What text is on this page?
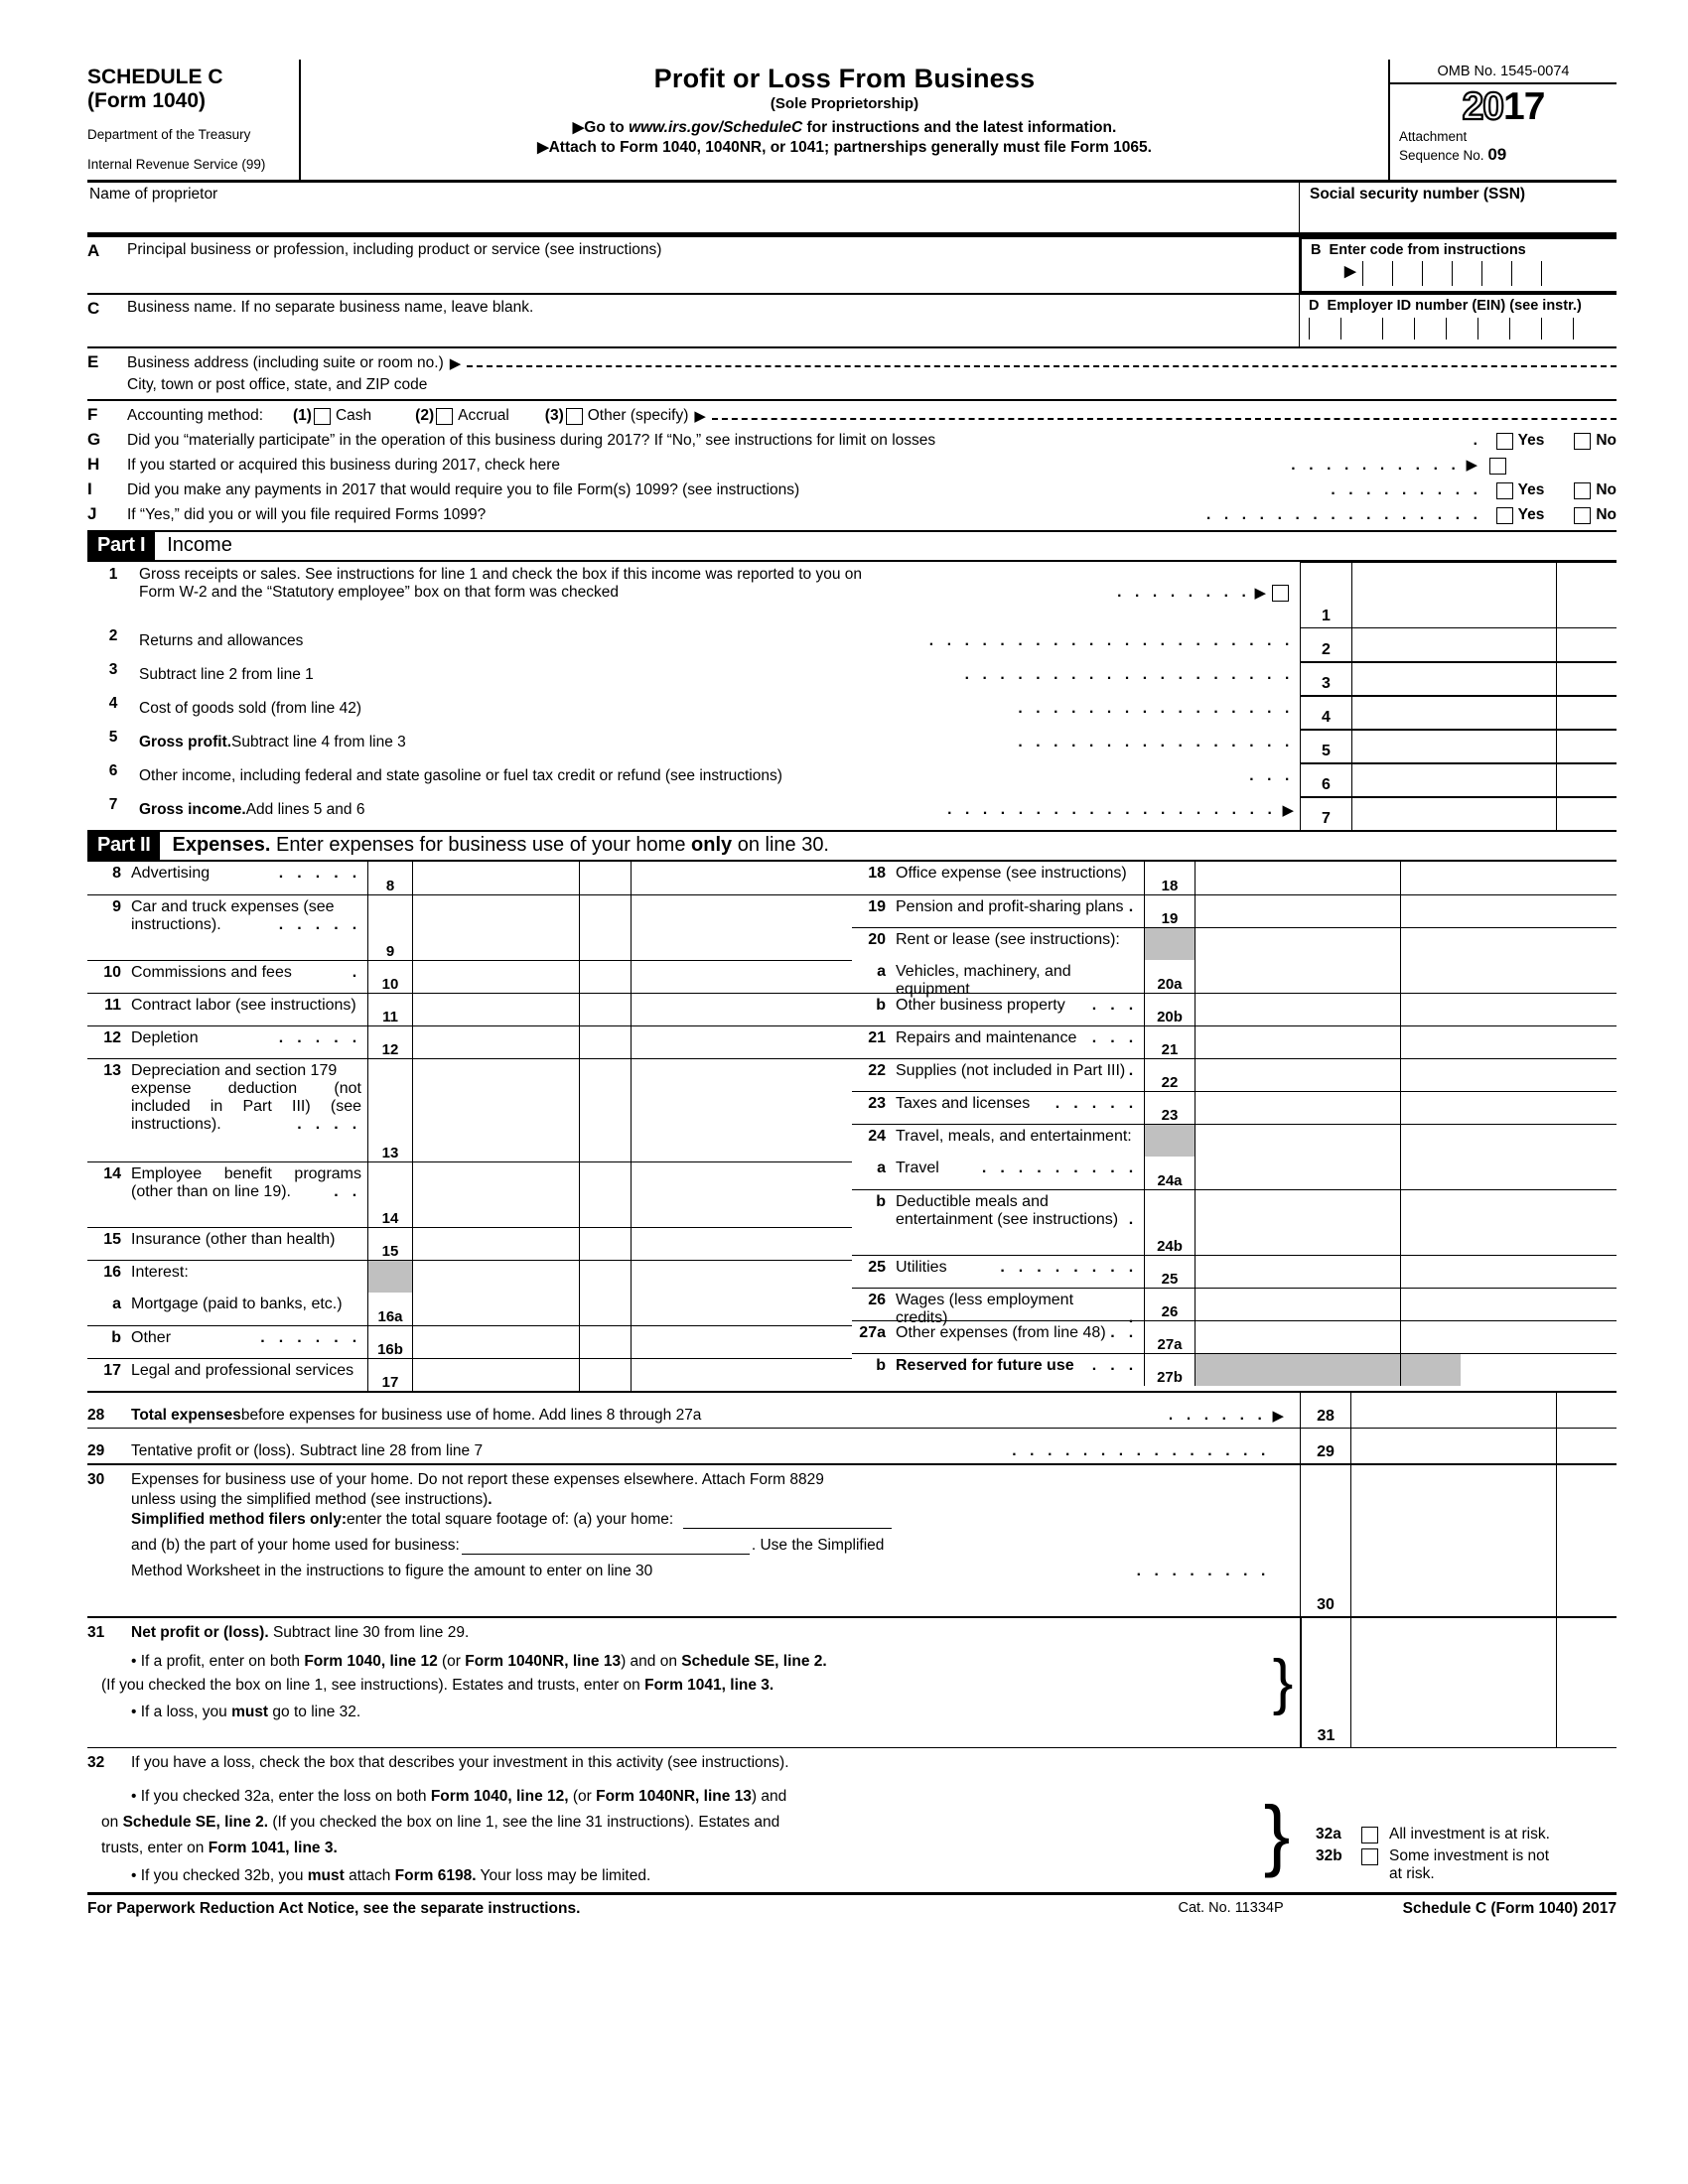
SCHEDULE C
(Form 1040)
Department of the Treasury
Internal Revenue Service (99)
Profit or Loss From Business
(Sole Proprietorship)
▶Go to www.irs.gov/ScheduleC for instructions and the latest information.
▶Attach to Form 1040, 1040NR, or 1041; partnerships generally must file Form 1065.
OMB No. 1545-0074
2017
Attachment
Sequence No. 09
Name of proprietor	Social security number (SSN)
A	Principal business or profession, including product or service (see instructions)	B Enter code from instructions
▶
C	Business name. If no separate business name, leave blank.	D Employer ID number (EIN) (see instr.)
E	Business address (including suite or room no.) ▶

City, town or post office, state, and ZIP code
F	Accounting method: (1) Cash	(2) Accrual (3) Other (specify) ▶
G	Did you “materially participate” in the operation of this business during 2017? If “No,” see instructions for limit on losses	. Yes	No
H	If you started or acquired this business during 2017, check here	. . . . . . . . . . ▶
I	Did you make any payments in 2017 that would require you to file Form(s) 1099? (see instructions)	. . . . . . . . . Yes	No
J	If “Yes,” did you or will you file required Forms 1099?	. . . . . . . . . . . . . . . . Yes	No
Part I	Income
1	Gross receipts or sales. See instructions for line 1 and check the box if this income was reported to you on

Form W-2 and the “Statutory employee” box on that form was checked	. . . . . . . . ▶
2	Returns and allowances	. . . . . . . . . . . . . . . . . . . . .
3	Subtract line 2 from line 1	. . . . . . . . . . . . . . . . . . .
4	Cost of goods sold (from line 42)	. . . . . . . . . . . . . . . .
5	Gross profit. Subtract line 4 from line 3	. . . . . . . . . . . . . . . .
6	Other income, including federal and state gasoline or fuel tax credit or refund (see instructions)	. . .
7	Gross income. Add lines 5 and 6	. . . . . . . . . . . . . . . . . . . ▶
1
2
3
4
5
6
7
Part II	Expenses. Enter expenses for business use of your home only on line 30.
8 Advertising	. . . . .
8
9 Car and truck expenses (see

instructions).	. . . . .
9
10 Commissions and fees	.
10
11 Contract labor (see instructions)
11
12 Depletion	. . . . .
12
13 Depreciation and section 179

expense deduction (not

included in Part III) (see

instructions).	. . . .
13
14 Employee benefit programs

(other than on line 19).	. .
14
15 Insurance (other than health)
15
16 Interest:
a Mortgage (paid to banks, etc.)
16a
b Other	. . . . . .
16b
17 Legal and professional services
17
18 Office expense (see instructions)
18
19 Pension and profit-sharing plans .
19
20 Rent or lease (see instructions):
a Vehicles, machinery, and equipment	20a
b Other business property . . .
20b
21 Repairs and maintenance . . .
21
22 Supplies (not included in Part III) .
22
23 Taxes and licenses . . . . .
23
24 Travel, meals, and entertainment:
a Travel	. . . . . . . . .
24a
b Deductible meals and

entertainment (see instructions) .
24b
25 Utilities	. . . . . . . .
25
26 Wages (less employment credits)	.	26
27a Other expenses (from line 48) . .
27a
b Reserved for future use . . .
27b
28	Total expenses before expenses for business use of home. Add lines 8 through 27a	. . . . . . ▶	28
29	Tentative profit or (loss). Subtract line 28 from line 7	. . . . . . . . . . . . . . .	29
30	Expenses for business use of your home. Do not report these expenses elsewhere. Attach Form 8829

unless using the simplified method (see instructions).

Simplified method filers only: enter the total square footage of: (a) your home:

and (b) the part of your home used for business:	. Use the Simplified

Method Worksheet in the instructions to figure the amount to enter on line 30	. . . . . . . .
30
31	Net profit or (loss). Subtract line 30 from line 29.

• If a profit, enter on both Form 1040, line 12 (or Form 1040NR, line 13) and on Schedule SE, line 2.

(If you checked the box on line 1, see instructions). Estates and trusts, enter on Form 1041, line 3.

• If a loss, you must go to line 32.	}
31
32	If you have a loss, check the box that describes your investment in this activity (see instructions).

• If you checked 32a, enter the loss on both Form 1040, line 12, (or Form 1040NR, line 13) and

on Schedule SE, line 2. (If you checked the box on line 1, see the line 31 instructions). Estates and

trusts, enter on Form 1041, line 3.

• If you checked 32b, you must attach Form 6198. Your loss may be limited.	} 32a	All investment is at risk.
32b	Some investment is not
at risk.
For Paperwork Reduction Act Notice, see the separate instructions.	Cat. No. 11334P	Schedule C (Form 1040) 2017
